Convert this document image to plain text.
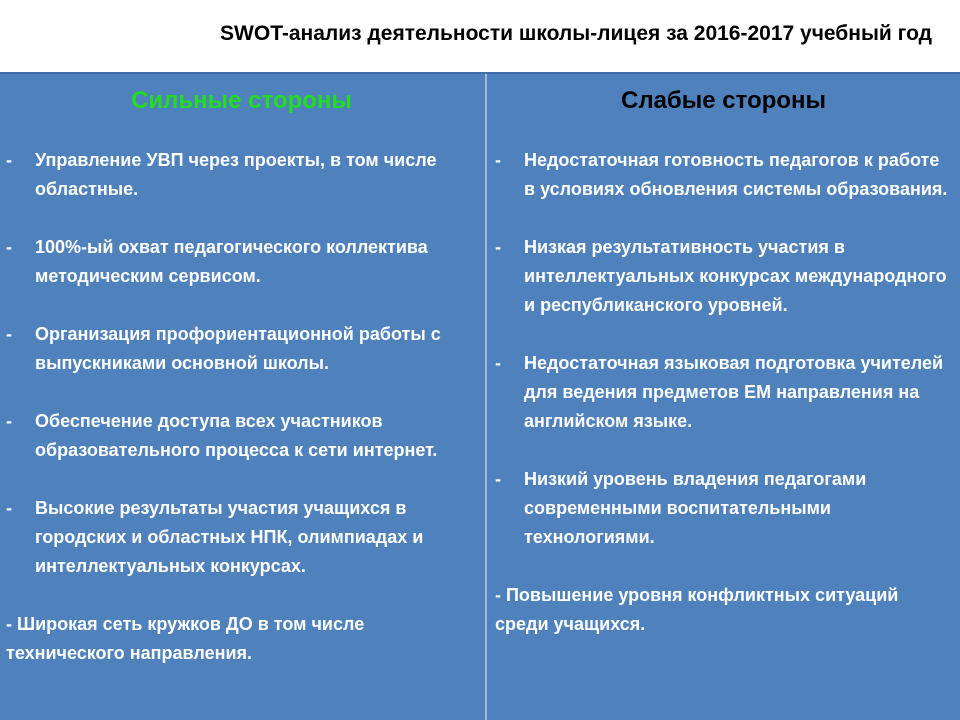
SWOT-анализ деятельности школы-лицея за 2016-2017 учебный год
Сильные стороны
-	Управление УВП через проекты, в том числе областные.
-	100%-ый охват педагогического коллектива методическим сервисом.
-	Организация профориентационной работы с выпускниками основной школы.
-	Обеспечение доступа всех участников образовательного процесса к сети интернет.
-	Высокие результаты участия учащихся в городских и областных НПК, олимпиадах и интеллектуальных конкурсах.
- Широкая сеть кружков ДО в том числе технического направления.
Слабые стороны
-	Недостаточная готовность педагогов к работе в условиях обновления системы образования.
-	Низкая результативность участия в интеллектуальных конкурсах международного и республиканского уровней.
-	Недостаточная языковая подготовка учителей для ведения предметов ЕМ направления на английском языке.
-	Низкий уровень владения педагогами современными воспитательными технологиями.
- Повышение уровня конфликтных ситуаций среди учащихся.
